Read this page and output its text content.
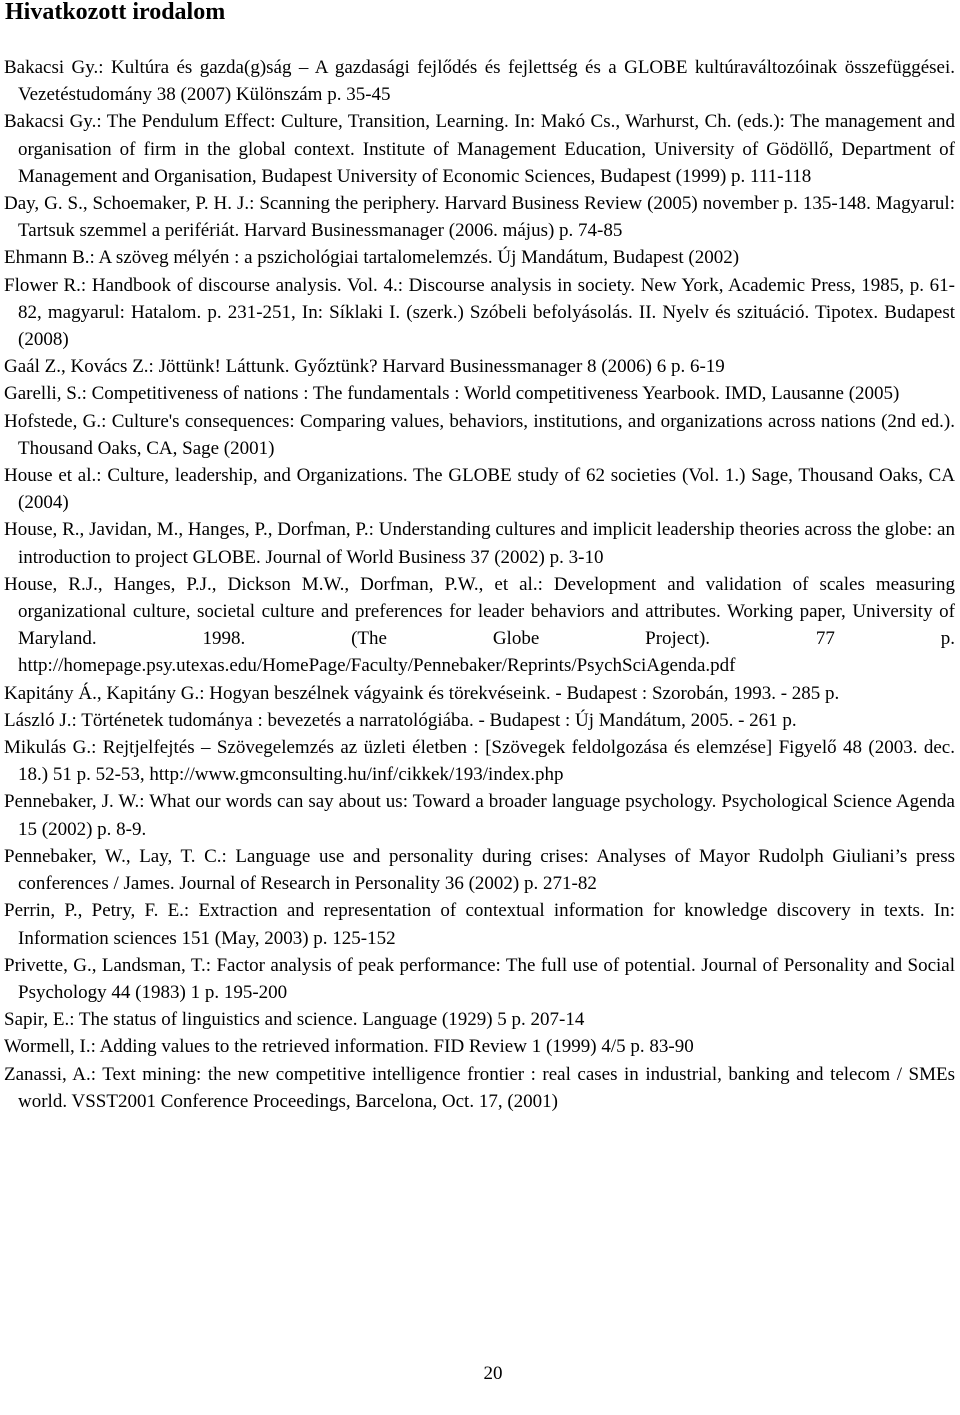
Hivatkozott irodalom
Bakacsi Gy.: Kultúra és gazda(g)ság – A gazdasági fejlődés és fejlettség és a GLOBE kultúraváltozóinak összefüggései. Vezetéstudomány 38 (2007) Különszám p. 35-45
Bakacsi Gy.: The Pendulum Effect: Culture, Transition, Learning. In: Makó Cs., Warhurst, Ch. (eds.): The management and organisation of firm in the global context. Institute of Management Education, University of Gödöllő, Department of Management and Organisation, Budapest University of Economic Sciences, Budapest (1999) p. 111-118
Day, G. S., Schoemaker, P. H. J.: Scanning the periphery. Harvard Business Review (2005) november p. 135-148. Magyarul: Tartsuk szemmel a perifériát. Harvard Businessmanager (2006. május) p. 74-85
Ehmann B.: A szöveg mélyén : a pszichológiai tartalomelemzés. Új Mandátum, Budapest (2002)
Flower R.: Handbook of discourse analysis. Vol. 4.: Discourse analysis in society. New York, Academic Press, 1985, p. 61-82, magyarul: Hatalom. p. 231-251, In: Síklaki I. (szerk.) Szóbeli befolyásolás. II. Nyelv és szituáció. Tipotex. Budapest (2008)
Gaál Z., Kovács Z.: Jöttünk! Láttunk. Győztünk? Harvard Businessmanager 8 (2006) 6 p. 6-19
Garelli, S.: Competitiveness of nations : The fundamentals : World competitiveness Yearbook. IMD, Lausanne (2005)
Hofstede, G.: Culture's consequences: Comparing values, behaviors, institutions, and organizations across nations (2nd ed.). Thousand Oaks, CA, Sage (2001)
House et al.: Culture, leadership, and Organizations. The GLOBE study of 62 societies (Vol. 1.) Sage, Thousand Oaks, CA (2004)
House, R., Javidan, M., Hanges, P., Dorfman, P.: Understanding cultures and implicit leadership theories across the globe: an introduction to project GLOBE. Journal of World Business 37 (2002) p. 3-10
House, R.J., Hanges, P.J., Dickson M.W., Dorfman, P.W., et al.: Development and validation of scales measuring organizational culture, societal culture and preferences for leader behaviors and attributes. Working paper, University of Maryland. 1998. (The Globe Project). 77 p. http://homepage.psy.utexas.edu/HomePage/Faculty/Pennebaker/Reprints/PsychSciAgenda.pdf
Kapitány Á., Kapitány G.: Hogyan beszélnek vágyaink és törekvéseink. - Budapest : Szorobán, 1993. - 285 p.
László J.: Történetek tudománya : bevezetés a narratológiába. - Budapest : Új Mandátum, 2005. - 261 p.
Mikulás G.: Rejtjelfejtés – Szövegelemzés az üzleti életben : [Szövegek feldolgozása és elemzése] Figyelő 48 (2003. dec. 18.) 51 p. 52-53, http://www.gmconsulting.hu/inf/cikkek/193/index.php
Pennebaker, J. W.: What our words can say about us: Toward a broader language psychology. Psychological Science Agenda 15 (2002) p. 8-9.
Pennebaker, W., Lay, T. C.: Language use and personality during crises: Analyses of Mayor Rudolph Giuliani’s press conferences / James. Journal of Research in Personality 36 (2002) p. 271-82
Perrin, P., Petry, F. E.: Extraction and representation of contextual information for knowledge discovery in texts. In: Information sciences 151 (May, 2003) p. 125-152
Privette, G., Landsman, T.: Factor analysis of peak performance: The full use of potential. Journal of Personality and Social Psychology 44 (1983) 1 p. 195-200
Sapir, E.: The status of linguistics and science. Language (1929) 5 p. 207-14
Wormell, I.: Adding values to the retrieved information. FID Review 1 (1999) 4/5 p. 83-90
Zanassi, A.: Text mining: the new competitive intelligence frontier : real cases in industrial, banking and telecom / SMEs world. VSST2001 Conference Proceedings, Barcelona, Oct. 17, (2001)
20
